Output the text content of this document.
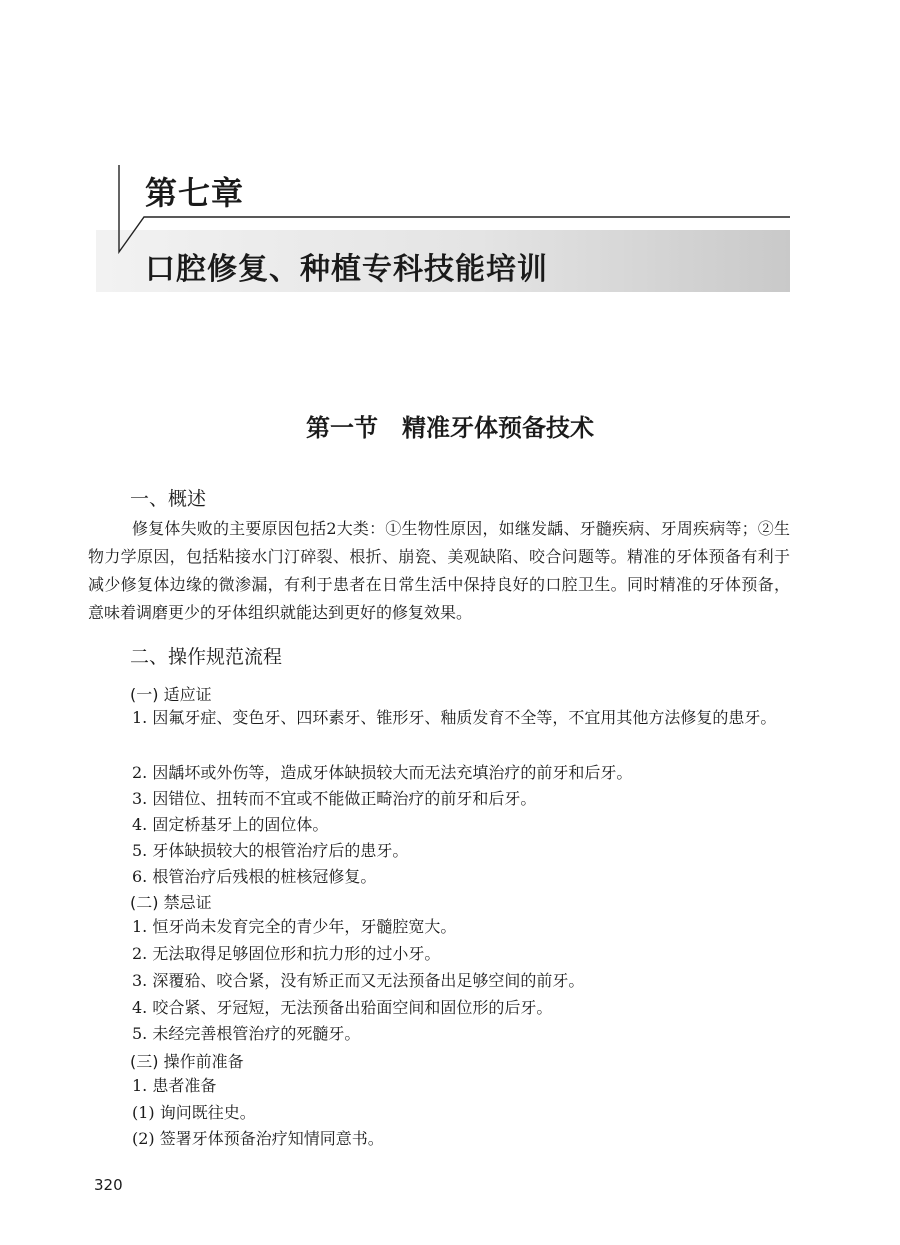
第七章
口腔修复、种植专科技能培训
第一节　精准牙体预备技术
一、概述
修复体失败的主要原因包括2大类：①生物性原因，如继发龋、牙髓疾病、牙周疾病等；②生物力学原因，包括粘接水门汀碎裂、根折、崩瓷、美观缺陷、咬合问题等。精准的牙体预备有利于减少修复体边缘的微渗漏，有利于患者在日常生活中保持良好的口腔卫生。同时精准的牙体预备，意味着调磨更少的牙体组织就能达到更好的修复效果。
二、操作规范流程
(一) 适应证
1. 因氟牙症、变色牙、四环素牙、锥形牙、釉质发育不全等，不宜用其他方法修复的患牙。
2. 因龋坏或外伤等，造成牙体缺损较大而无法充填治疗的前牙和后牙。
3. 因错位、扭转而不宜或不能做正畸治疗的前牙和后牙。
4. 固定桥基牙上的固位体。
5. 牙体缺损较大的根管治疗后的患牙。
6. 根管治疗后残根的桩核冠修复。
(二) 禁忌证
1. 恒牙尚未发育完全的青少年，牙髓腔宽大。
2. 无法取得足够固位形和抗力形的过小牙。
3. 深覆𬌗、咬合紧，没有矫正而又无法预备出足够空间的前牙。
4. 咬合紧、牙冠短，无法预备出𬌗面空间和固位形的后牙。
5. 未经完善根管治疗的死髓牙。
(三) 操作前准备
1. 患者准备
(1) 询问既往史。
(2) 签署牙体预备治疗知情同意书。
320
